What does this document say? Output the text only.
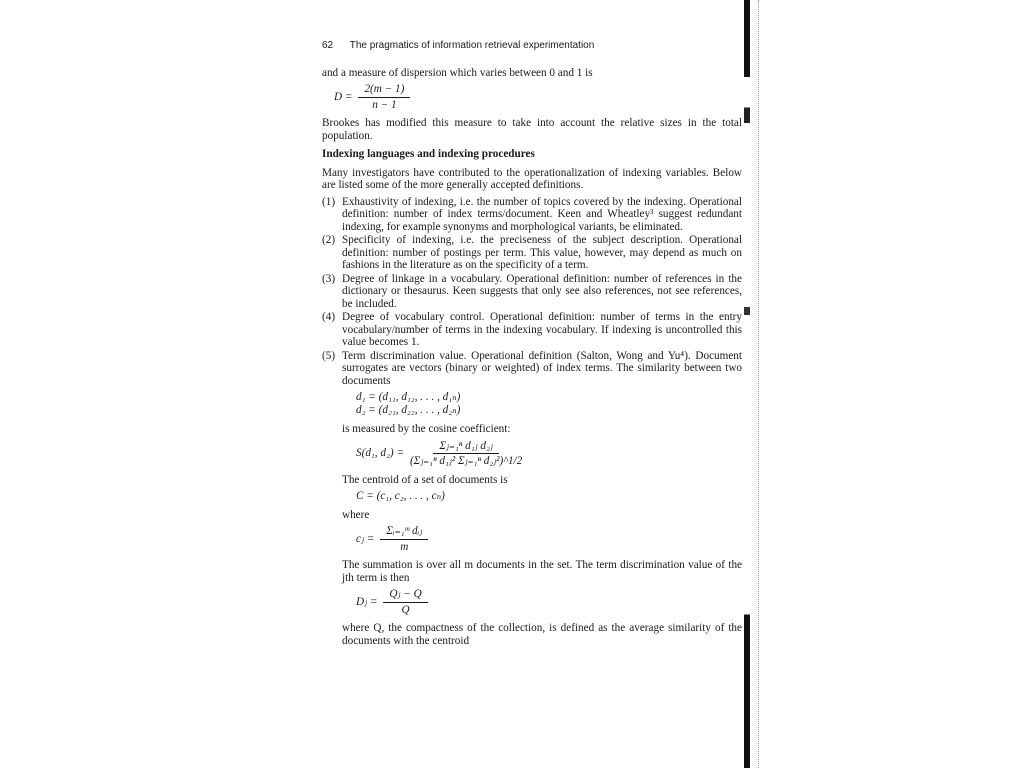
62 The pragmatics of information retrieval experimentation

and a measure of dispersion which varies between 0 and 1 is

$D = \frac{2(m - 1)}{n - 1}$

Brookes has modified this measure to take into account the relative sizes in the total population.

Indexing languages and indexing procedures

Many investigators have contributed to the operationalization of indexing variables. Below are listed some of the more generally accepted definitions.

(1) Exhaustivity of indexing, i.e. the number of topics covered by the indexing. Operational definition: number of index terms/document. Keen and Wheatley³ suggest redundant indexing, for example synonyms and morphological variants, be eliminated.
(2) Specificity of indexing, i.e. the preciseness of the subject description. Operational definition: number of postings per term. This value, however, may depend as much on fashions in the literature as on the specificity of a term.
(3) Degree of linkage in a vocabulary. Operational definition: number of references in the dictionary or thesaurus. Keen suggests that only see also references, not see references, be included.
(4) Degree of vocabulary control. Operational definition: number of terms in the entry vocabulary/number of terms in the indexing vocabulary. If indexing is uncontrolled this value becomes 1.
(5) Term discrimination value. Operational definition (Salton, Wong and Yu⁴). Document surrogates are vectors (binary or weighted) of index terms. The similarity between two documents
d₁ = (d₁₁, d₁₂, . . . , d₁ₙ)
d₂ = (d₂₁, d₂₂, . . . , d₂ₙ)

is measured by the cosine coefficient:

S(d₁, $d_2) = \frac{\text{Σⱼ₌₁ⁿ d₁ⱼ d₂ⱼ}}{\text{(Σⱼ₌₁ⁿ d₁ⱼ² Σⱼ₌₁ⁿ d₂ⱼ²)\textasciicircum{}1/2}}$

The centroid of a set of documents is

C = (c₁, c₂, . . . , cₙ)

where

cⱼ = $\frac{\text{Σᵢ₌₁ᵐ dᵢⱼ}}{m}$

The summation is over all m documents in the set. The term discrimination value of the jth term is then

Dⱼ = $\frac{\text{Qⱼ − Q}}{Q}$

where Q, the compactness of the collection, is defined as the average similarity of the documents with the centroid
